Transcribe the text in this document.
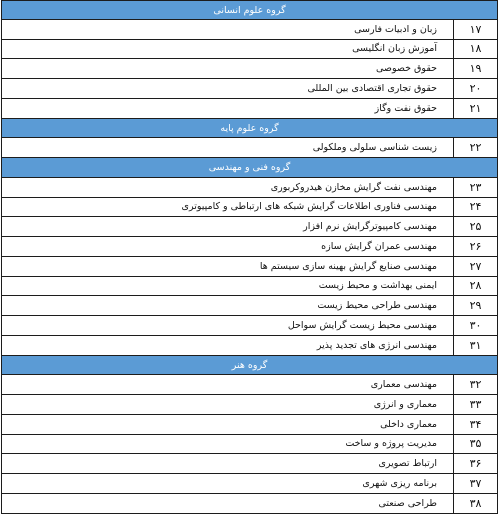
گروه علوم انسانی
۱۷
زبان و ادبیات فارسی
۱۸
آموزش زبان انگلیسی
۱۹
حقوق خصوصی
۲۰
حقوق تجاری اقتصادی بین المللی
۲۱
حقوق نفت وگاز
گروه علوم پایه
۲۲
زیست شناسی سلولی وملکولی
گروه فنی و مهندسی
۲۳
مهندسی نفت گرایش مخازن هیدروکربوری
۲۴
مهندسی فناوری اطلاعات گرایش شبکه های ارتباطی و کامپیوتری
۲۵
مهندسی کامپیوترگرایش نرم افزار
۲۶
مهندسی عمران گرایش سازه
۲۷
مهندسی صنایع گرایش بهینه سازی سیستم ها
۲۸
ایمنی بهداشت و محیط زیست
۲۹
مهندسی طراحی محیط زیست
۳۰
مهندسی محیط زیست گرایش سواحل
۳۱
مهندسی انرژی های تجدید پذیر
گروه هنر
۳۲
مهندسی معماری
۳۳
معماری و انرژی
۳۴
معماری داخلی
۳۵
مدیریت پروژه و ساخت
۳۶
ارتباط تصویری
۳۷
برنامه ریزی شهری
۳۸
طراحی صنعتی
